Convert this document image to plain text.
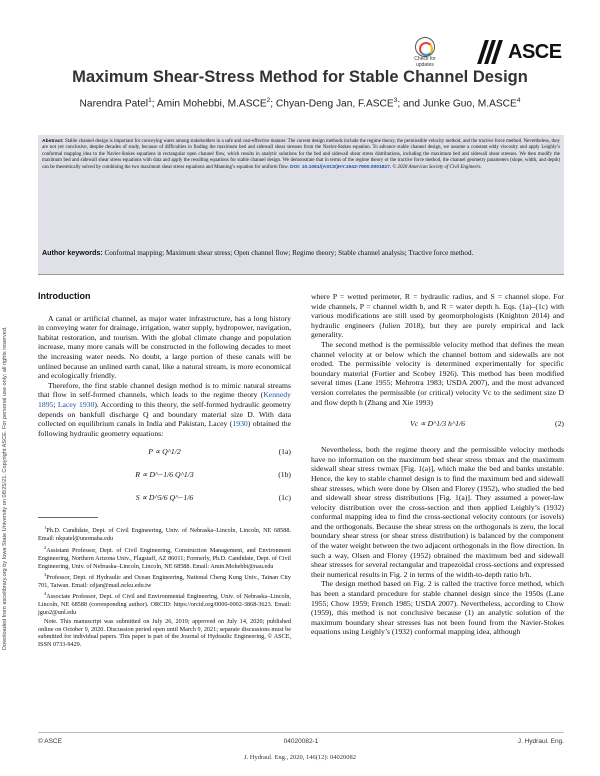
Downloaded from ascelibrary.org by Iowa State University on 08/25/21. Copyright ASCE. For personal use only; all rights reserved.
Check for
updates
ASCE
Maximum Shear-Stress Method for Stable Channel Design
Narendra Patel$^1$; Amin Mohebbi, M.ASCE$^2$; Chyan-Deng Jan, F.ASCE$^3$; and Junke Guo, M.ASCE$^4$
Abstract: Stable channel design is important for conveying water among stakeholders in a safe and cost-effective manner. The current design methods include the regime theory, the permissible velocity method, and the tractive force method. Nevertheless, they are not yet conclusive, despite decades of study, because of difficulties in finding the maximum bed and sidewall shear stresses from the Navier-Stokes equation. To advance stable channel design, we assume a constant eddy viscosity and apply Leighly’s conformal mapping idea to the Navier-Stokes equations in rectangular open channel flow, which results in analytic solutions for the bed and sidewall shear stress distributions, including the maximum bed and sidewall shear stresses. We then modify the maximum bed and sidewall shear stress equations with data and apply the resulting equations for stable channel design. We demonstrate that in terms of the regime theory or the tractive force method, the channel geometry parameters (slope, width, and depth) can be theoretically solved by combining the two maximum shear stress equations and Manning’s equation for uniform flow. DOI: 10.1061/(ASCE)HY.1943-7900.0001827. © 2020 American Society of Civil Engineers.
Author keywords: Conformal mapping; Maximum shear stress; Open channel flow; Regime theory; Stable channel analysis; Tractive force method.
Introduction

A canal or artificial channel, as major water infrastructure, has a long history in conveying water for drainage, irrigation, water supply, hydropower, navigation, habitat restoration, and tourism. With the global climate change and population increase, many more canals will be constructed in the following decades to meet the increasing water needs. No doubt, a large portion of these canals will be unlined because an unlined earth canal, like a natural stream, is more economical and ecologically friendly.

Therefore, the first stable channel design method is to mimic natural streams that flow in self-formed channels, which leads to the regime theory (Kennedy 1895; Lacey 1930). According to this theory, the self-formed hydraulic geometry depends on bankfull discharge Q and boundary material size D. With data collected on equilibrium canals in India and Pakistan, Lacey (1930) obtained the following hydraulic geometry equations:

P ∝ Q^1/2	(1a)
R ∝ D^−1/6 Q^1/3	(1b)
S ∝ D^5/6 Q^−1/6	(1c)

$^1$Ph.D. Candidate, Dept. of Civil Engineering, Univ. of Nebraska–Lincoln, Lincoln, NE 68588. Email: nkpatel@unomaha.edu

$^2$Assistant Professor, Dept. of Civil Engineering, Construction Management, and Environment Engineering, Northern Arizona Univ., Flagstaff, AZ 86011; Formerly, Ph.D. Candidate, Dept. of Civil Engineering, Univ. of Nebraska–Lincoln, Lincoln, NE 68588. Email: Amin.Mohebbi@nau.edu

$^3$Professor, Dept. of Hydraulic and Ocean Engineering, National Cheng Kung Univ., Tainan City 701, Taiwan. Email: cdjan@mail.ncku.edu.tw

$^4$Associate Professor, Dept. of Civil and Environmental Engineering, Univ. of Nebraska–Lincoln, Lincoln, NE 68588 (corresponding author). ORCID: https://orcid.org/0000-0002-3868-3623. Email: jguo2@unl.edu

Note. This manuscript was submitted on July 26, 2019; approved on July 14, 2020; published online on October 9, 2020. Discussion period open until March 9, 2021; separate discussions must be submitted for individual papers. This paper is part of the Journal of Hydraulic Engineering, © ASCE, ISSN 0733-9429.

where P = wetted perimeter, R = hydraulic radius, and S = channel slope. For wide channels, P = channel width b, and R = water depth h. Eqs. (1a)–(1c) with various modifications are still used by geomorphologists (Knighton 2014) and hydraulic engineers (Julien 2018), but they are purely empirical and lack generality.

The second method is the permissible velocity method that defines the mean channel velocity at or below which the channel bottom and sidewalls are not eroded. The permissible velocity is determined experimentally for specific boundary material (Fortier and Scobey 1926). This method has been modified several times (Lane 1955; Mehrotra 1983; USDA 2007), and the most advanced version correlates the permissible (or critical) velocity Vc to the sediment size D and flow depth h (Zhang and Xie 1993)

Vc ∝ D^1/3 h^1/6	(2)

Nevertheless, both the regime theory and the permissible velocity methods have no information on the maximum bed shear stress τbmax and the maximum sidewall shear stress τwmax [Fig. 1(a)], which make the bed and banks unstable. Hence, the key to stable channel design is to find the maximum bed and sidewall shear stresses, which were done by Olsen and Florey (1952), who studied the bed and sidewall shear stress distributions [Fig. 1(a)]. They assumed a power-law velocity distribution over the cross-section and then applied Leighly’s (1932) conformal mapping idea to find the cross-sectional velocity contours (or isovels) and the orthogonals. Because the shear stress on the orthogonals is zero, the local boundary shear stress (or shear stress distribution) is balanced by the component of the water weight between the two adjacent orthogonals in the flow direction. In such a way, Olsen and Florey (1952) obtained the maximum bed and sidewall shear stresses for several rectangular and trapezoidal cross-sections and expressed their numerical results in Fig. 2 in terms of the width-to-depth ratio b/h.

The design method based on Fig. 2 is called the tractive force method, which has been a standard procedure for stable channel design since the 1950s (Lane 1955; Chow 1959; French 1985; USDA 2007). Nevertheless, according to Chow (1959), this method is not conclusive because (1) an analytic solution of the maximum boundary shear stresses has not been found from the Navier-Stokes equations using Leighly’s (1932) conformal mapping idea, although

© ASCE	04020082-1	J. Hydraul. Eng.
J. Hydraul. Eng., 2020, 146(12): 04020082
